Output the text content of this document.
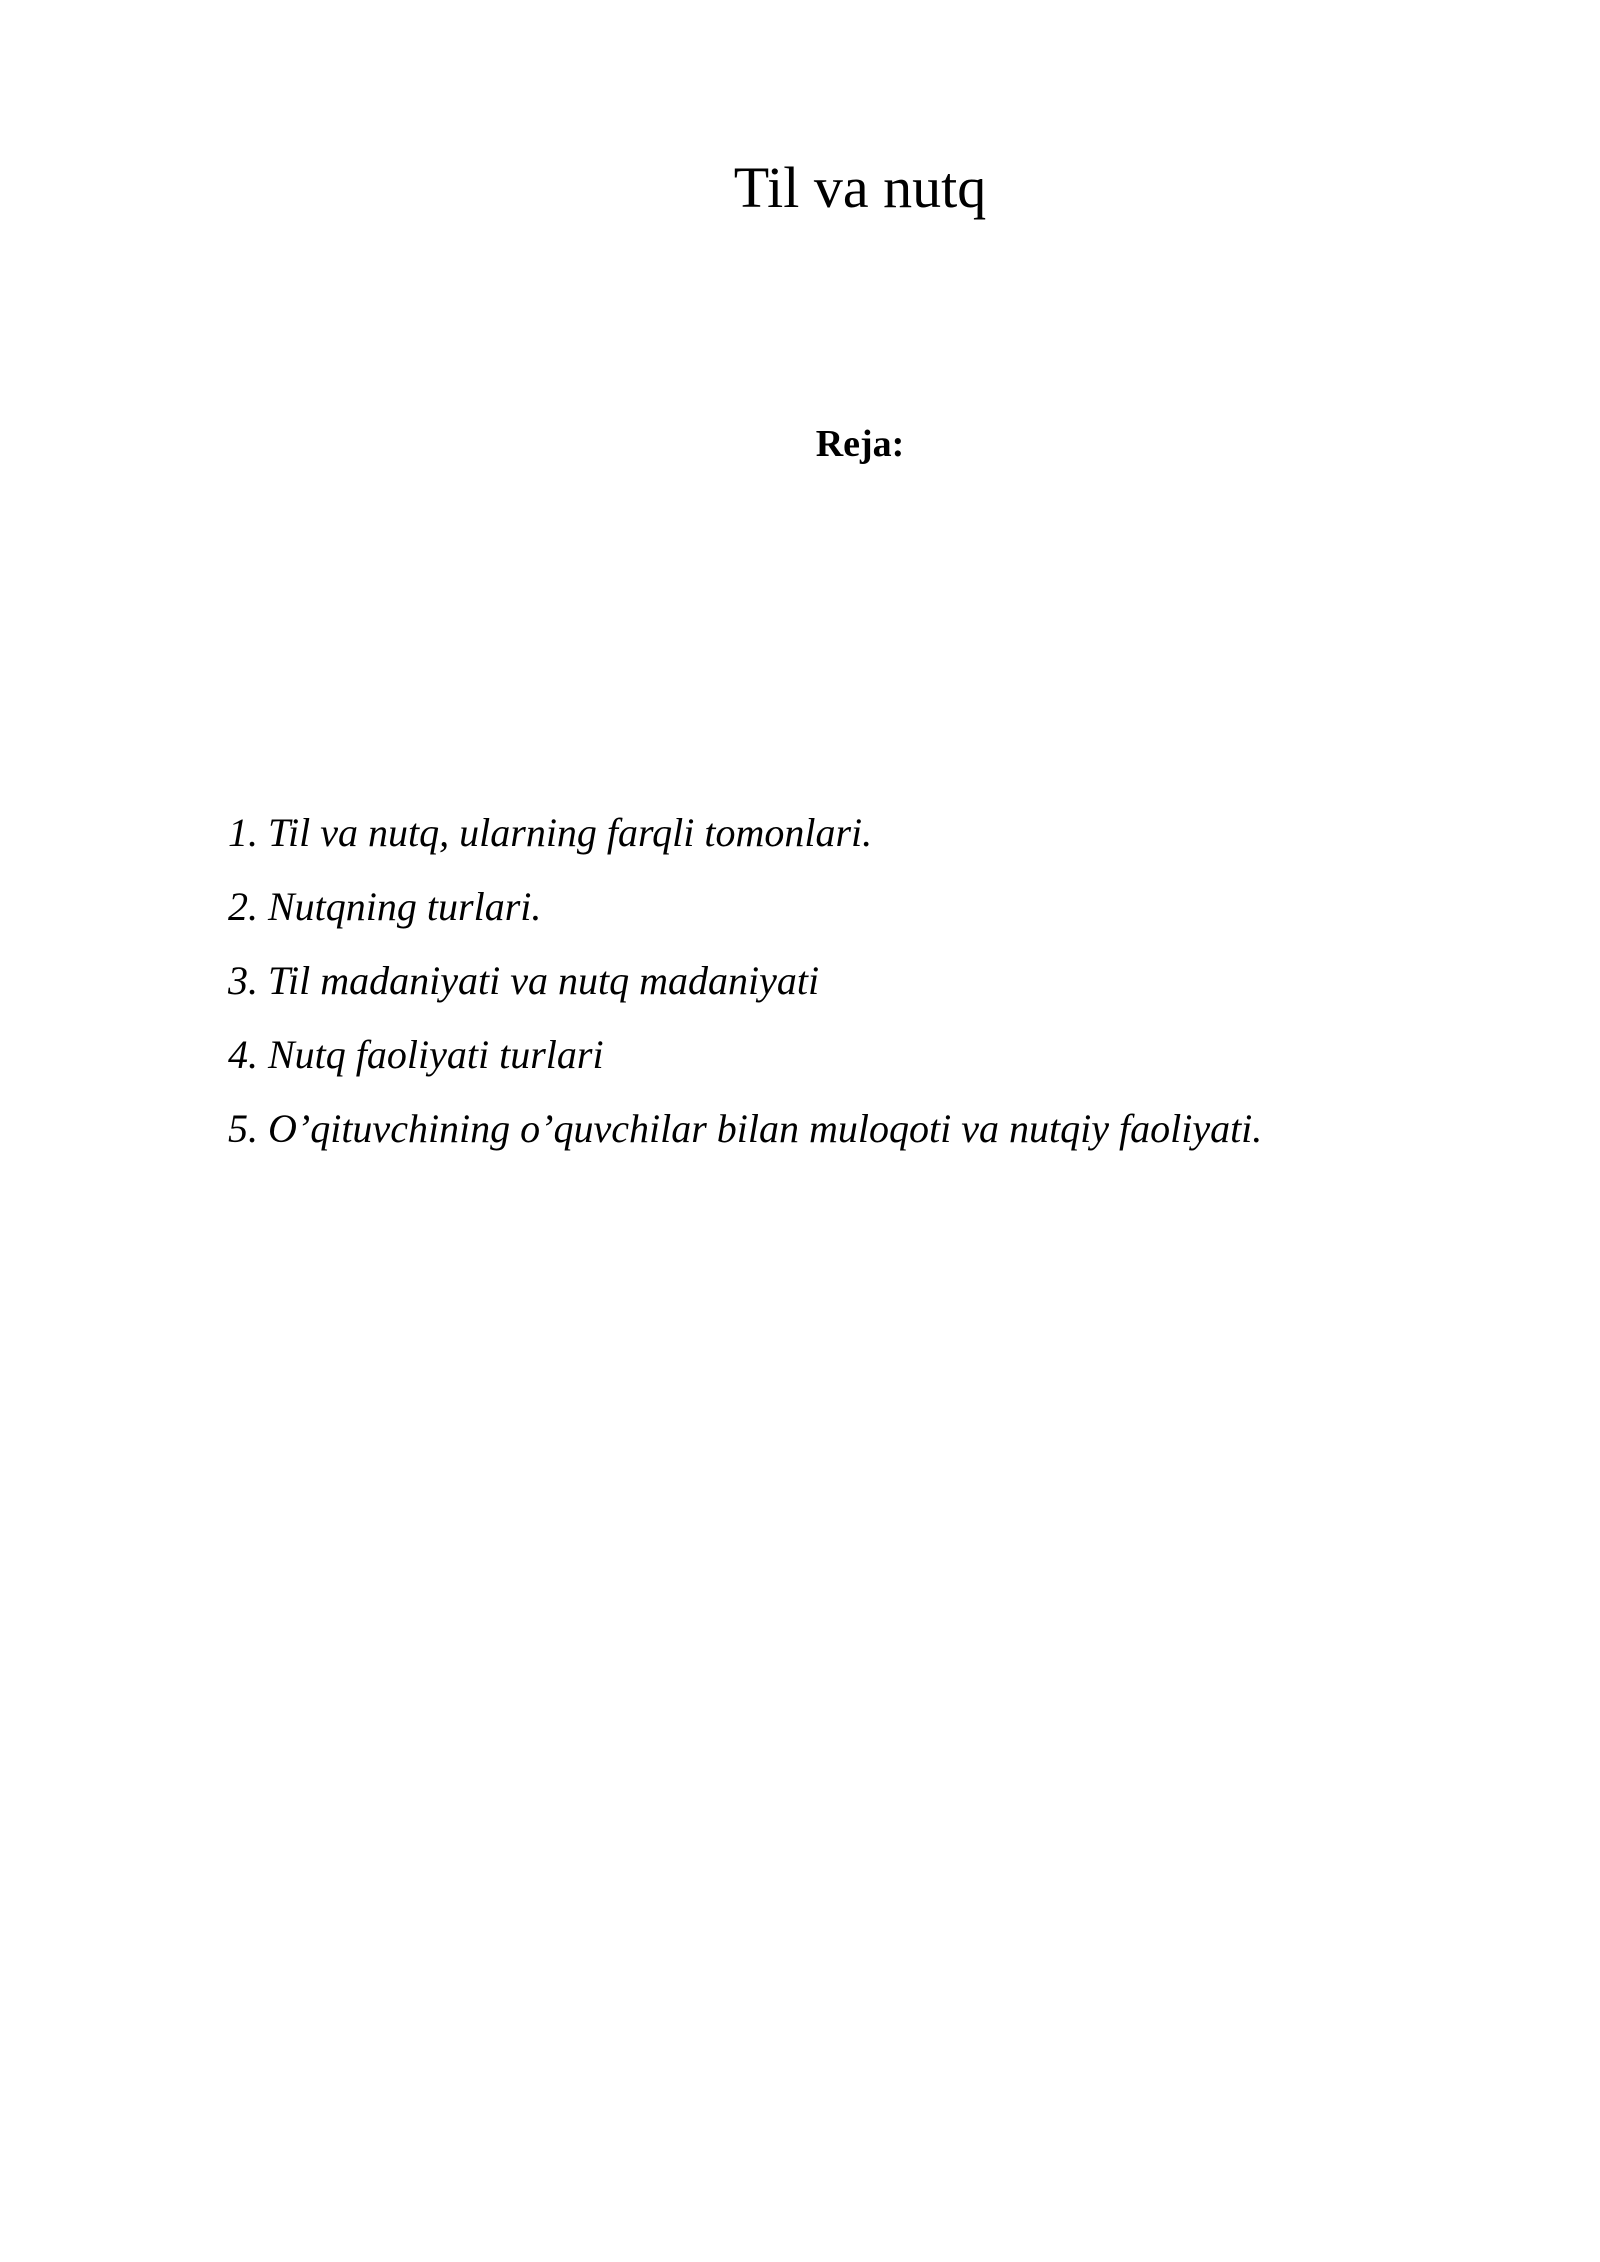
Til va nutq
Reja:
1. Til va nutq, ularning farqli tomonlari.
2. Nutqning turlari.
3. Til madaniyati va nutq madaniyati
4. Nutq faoliyati turlari
5. O’qituvchining o’quvchilar bilan muloqoti va nutqiy faoliyati.
